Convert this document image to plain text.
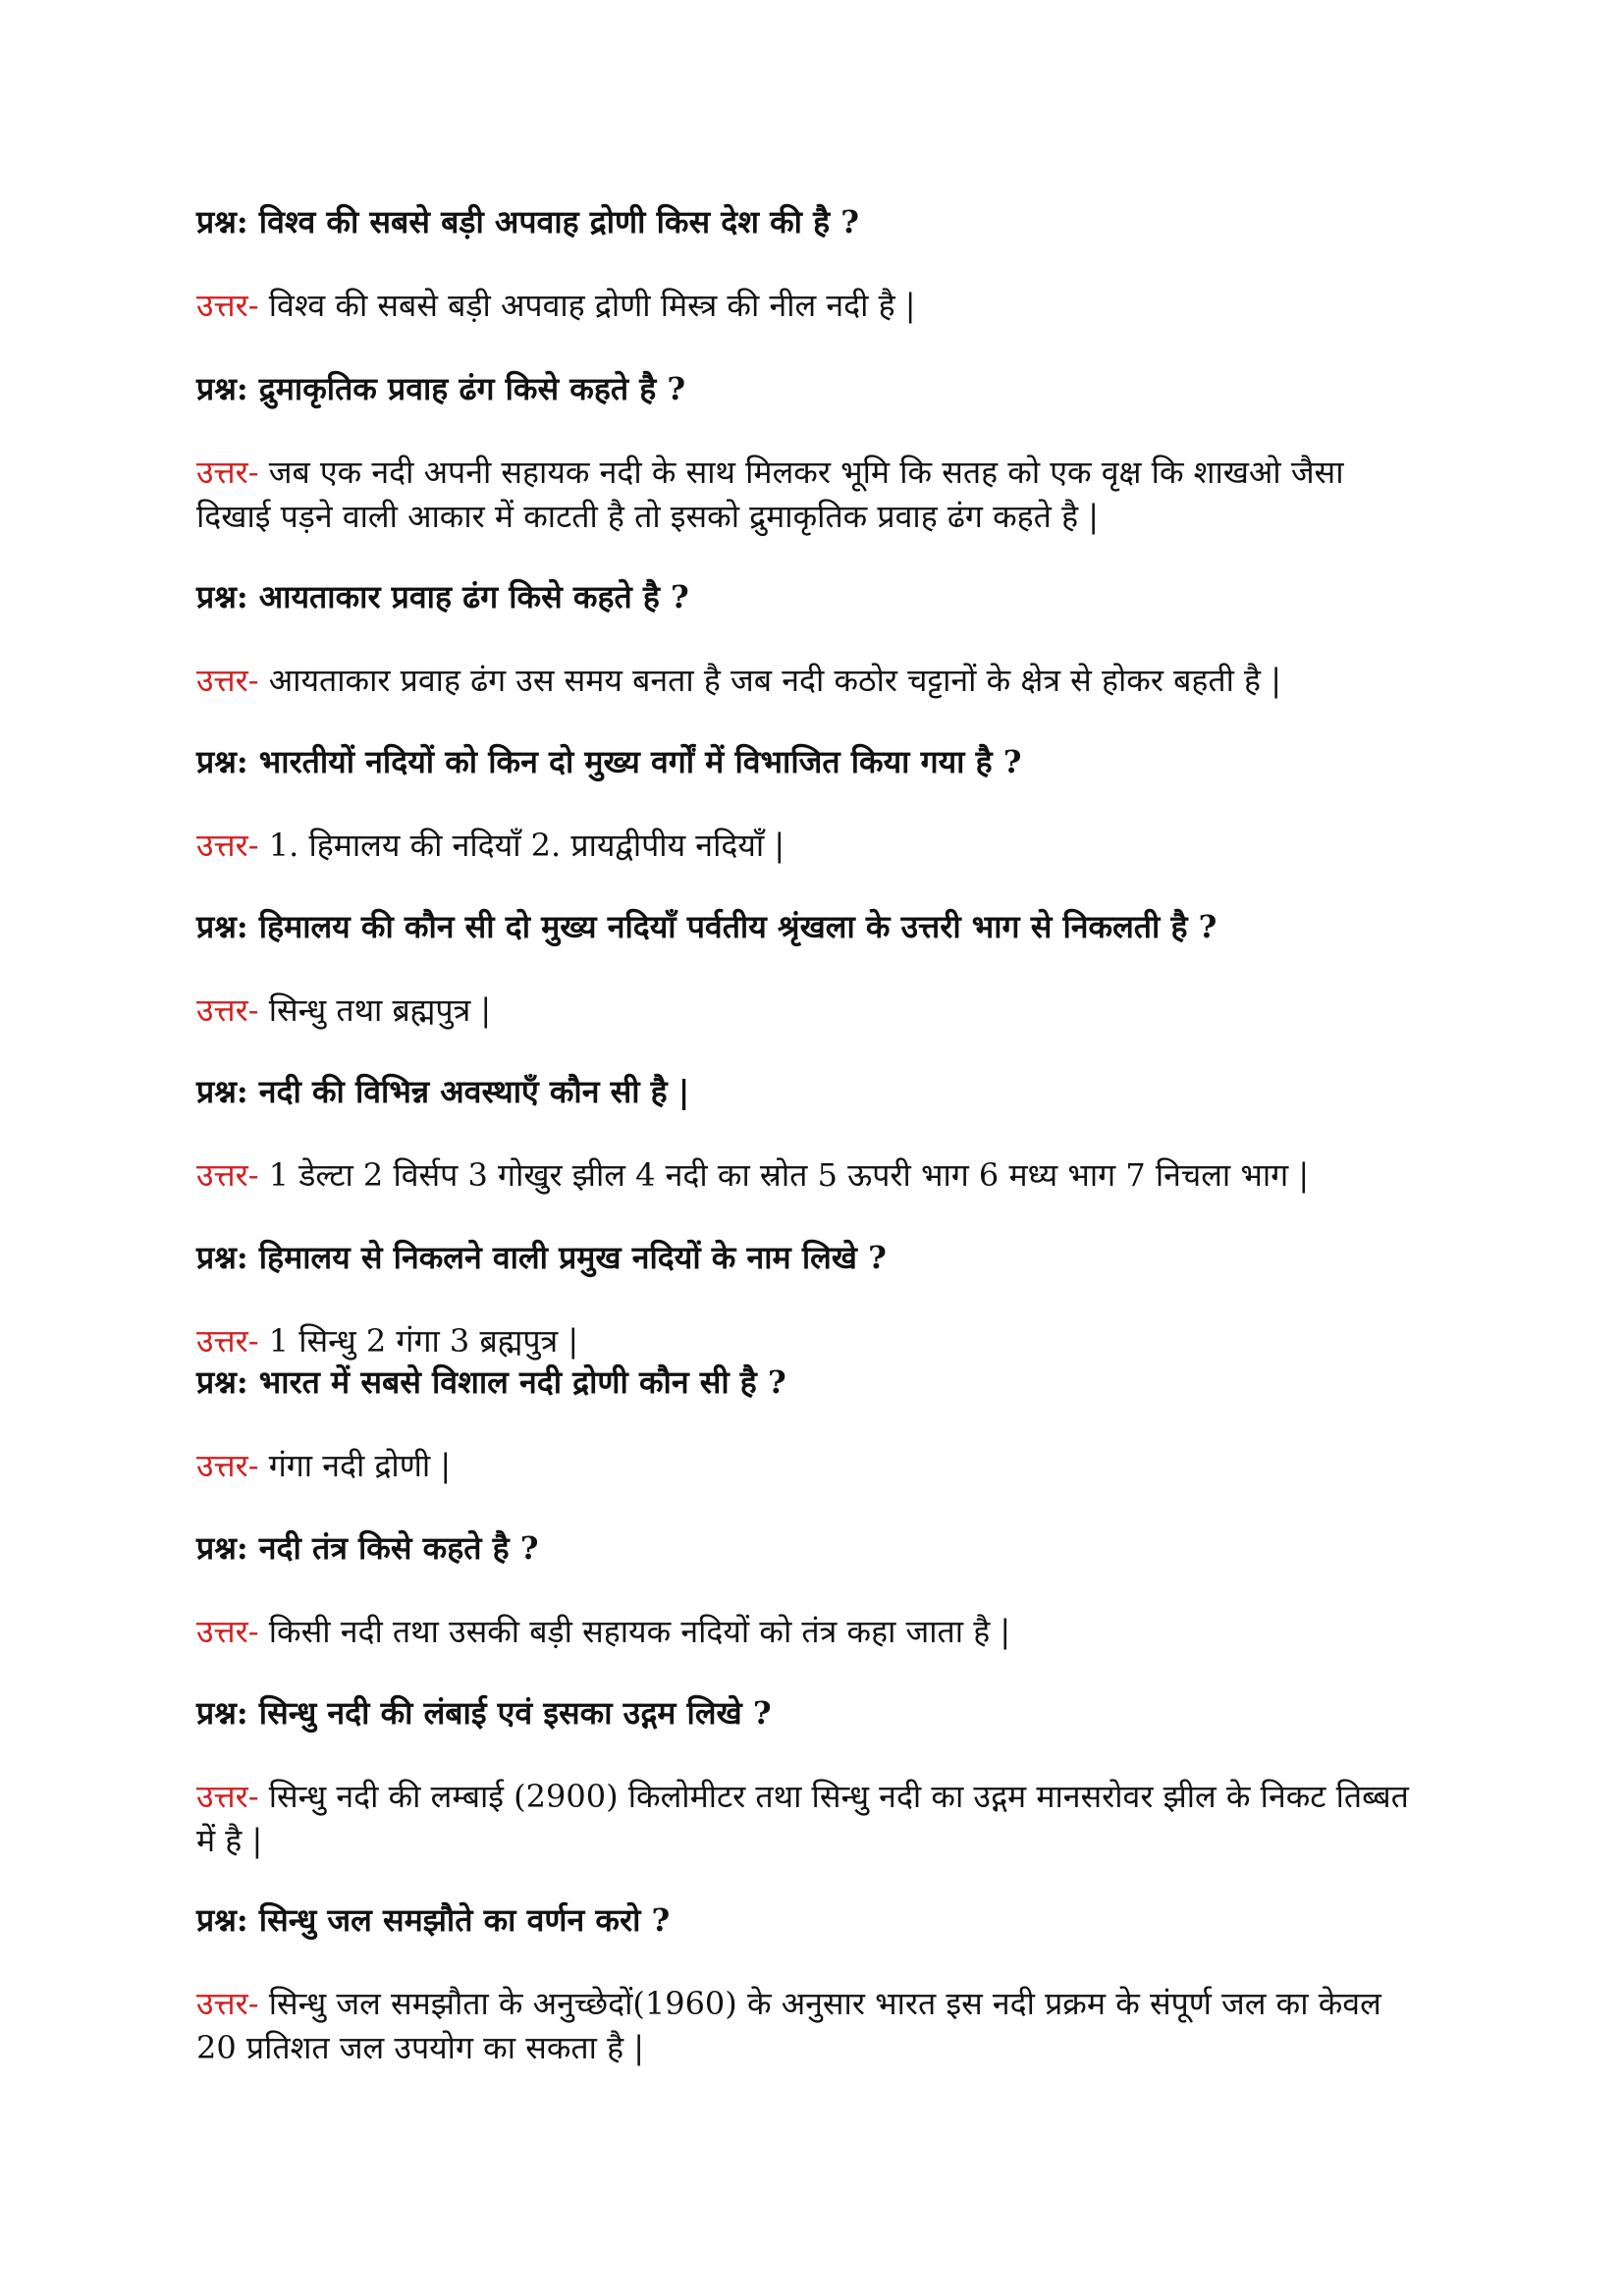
प्रश्न: विश्व की सबसे बड़ी अपवाह द्रोणी किस देश की है ?
उत्तर- विश्व की सबसे बड़ी अपवाह द्रोणी मिस्त्र की नील नदी है |
प्रश्न: द्रुमाकृतिक प्रवाह ढंग किसे कहते है ?
उत्तर- जब एक नदी अपनी सहायक नदी के साथ मिलकर भूमि कि सतह को एक वृक्ष कि शाखओ जैसा दिखाई पड़ने वाली आकार में काटती है तो इसको द्रुमाकृतिक प्रवाह ढंग कहते है |
प्रश्न: आयताकार प्रवाह ढंग किसे कहते है ?
उत्तर- आयताकार प्रवाह ढंग उस समय बनता है जब नदी कठोर चट्टानों के क्षेत्र से होकर बहती है |
प्रश्न: भारतीयों नदियों को किन दो मुख्य वर्गों में विभाजित किया गया है ?
उत्तर- 1. हिमालय की नदियाँ 2. प्रायद्वीपीय नदियाँ |
प्रश्न: हिमालय की कौन सी दो मुख्य नदियाँ पर्वतीय श्रृंखला के उत्तरी भाग से निकलती है ?
उत्तर- सिन्धु तथा ब्रह्मपुत्र |
प्रश्न: नदी की विभिन्न अवस्थाएँ कौन सी है |
उत्तर- 1 डेल्टा 2 विर्सप 3 गोखुर झील 4 नदी का स्रोत 5 ऊपरी भाग 6 मध्य भाग 7 निचला भाग |
प्रश्न: हिमालय से निकलने वाली प्रमुख नदियों के नाम लिखे ?
उत्तर- 1 सिन्धु 2 गंगा 3 ब्रह्मपुत्र |
प्रश्न: भारत में सबसे विशाल नदी द्रोणी कौन सी है ?
उत्तर- गंगा नदी द्रोणी |
प्रश्न: नदी तंत्र किसे कहते है ?
उत्तर- किसी नदी तथा उसकी बड़ी सहायक नदियों को तंत्र कहा जाता है |
प्रश्न: सिन्धु नदी की लंबाई एवं इसका उद्गम लिखे ?
उत्तर- सिन्धु नदी की लम्बाई (2900) किलोमीटर तथा सिन्धु नदी का उद्गम मानसरोवर झील के निकट तिब्बत में है |
प्रश्न: सिन्धु जल समझौते का वर्णन करो ?
उत्तर- सिन्धु जल समझौता के अनुच्छेदों(1960) के अनुसार भारत इस नदी प्रक्रम के संपूर्ण जल का केवल 20 प्रतिशत जल उपयोग का सकता है |
